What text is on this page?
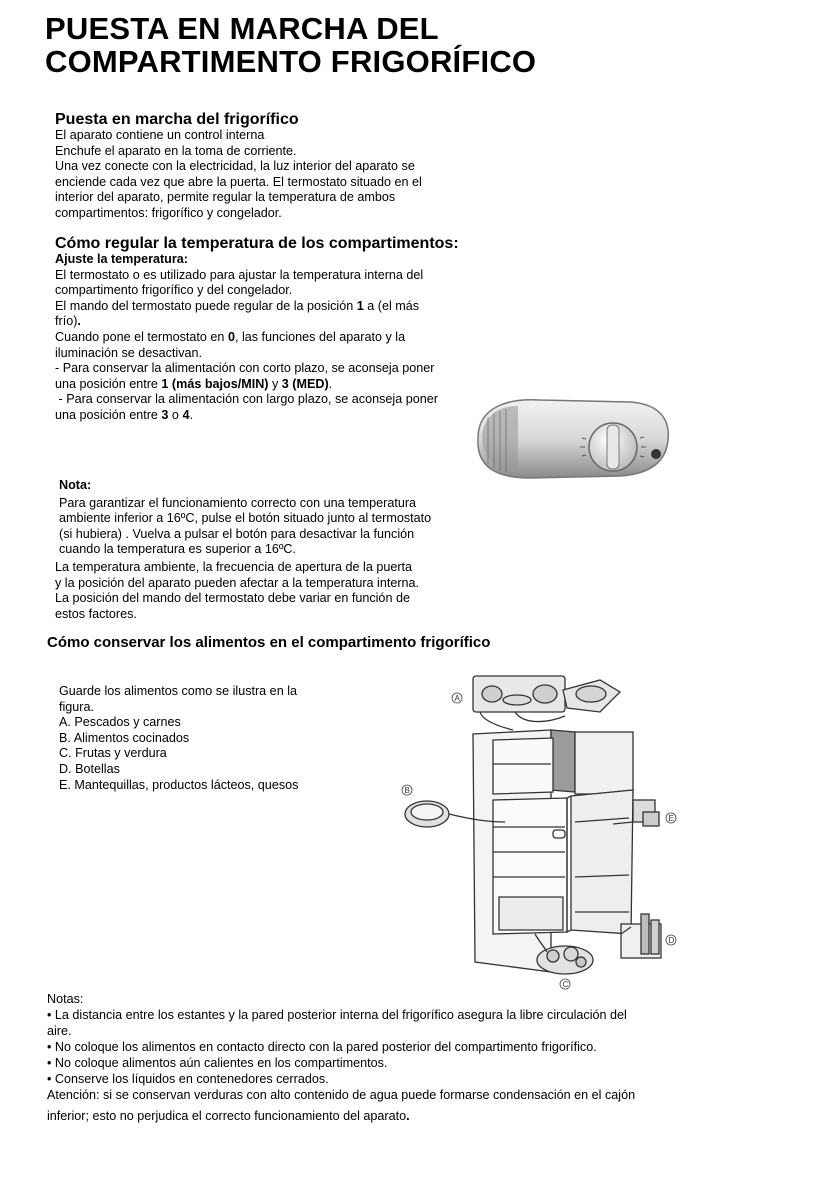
PUESTA EN MARCHA DEL
COMPARTIMENTO FRIGORÍFICO
Puesta en marcha del frigorífico
El aparato contiene un control interna
Enchufe el aparato en la toma de corriente.
Una vez conecte con la electricidad, la luz interior del aparato se
enciende cada vez que abre la puerta. El termostato situado en el
interior del aparato, permite regular la temperatura de ambos
compartimentos: frigorífico y congelador.
Cómo regular la temperatura de los compartimentos:
Ajuste la temperatura:
El termostato o es utilizado para ajustar la temperatura interna del
compartimento frigorífico y del congelador.
El mando del termostato puede regular de la posición 1 a (el más
frío).
Cuando pone el termostato en 0, las funciones del aparato y la
iluminación se desactivan.
- Para conservar la alimentación con corto plazo, se aconseja poner
una posición entre 1 (más bajos/MIN) y 3 (MED).
- Para conservar la alimentación con largo plazo, se aconseja poner
una posición entre 3 o 4.
Nota:
Para garantizar el funcionamiento correcto con una temperatura
ambiente inferior a 16ºC, pulse el botón situado junto al termostato
(si hubiera) . Vuelva a pulsar el botón para desactivar la función
cuando la temperatura es superior a 16ºC.
La temperatura ambiente, la frecuencia de apertura de la puerta
y la posición del aparato pueden afectar a la temperatura interna.
La posición del mando del termostato debe variar en función de
estos factores.
Cómo conservar los alimentos en el compartimento frigorífico
Guarde los alimentos como se ilustra en la
figura.
A. Pescados y carnes
B. Alimentos cocinados
C. Frutas y verdura
D. Botellas
E. Mantequillas, productos lácteos, quesos
A
B
C
D
E
Notas:
• La distancia entre los estantes y la pared posterior interna del frigorífico asegura la libre circulación del
aire.
• No coloque los alimentos en contacto directo con la pared posterior del compartimento frigorífico.
• No coloque alimentos aún calientes en los compartimentos.
• Conserve los líquidos en contenedores cerrados.
Atención: si se conservan verduras con alto contenido de agua puede formarse condensación en el cajón
inferior; esto no perjudica el correcto funcionamiento del aparato.
